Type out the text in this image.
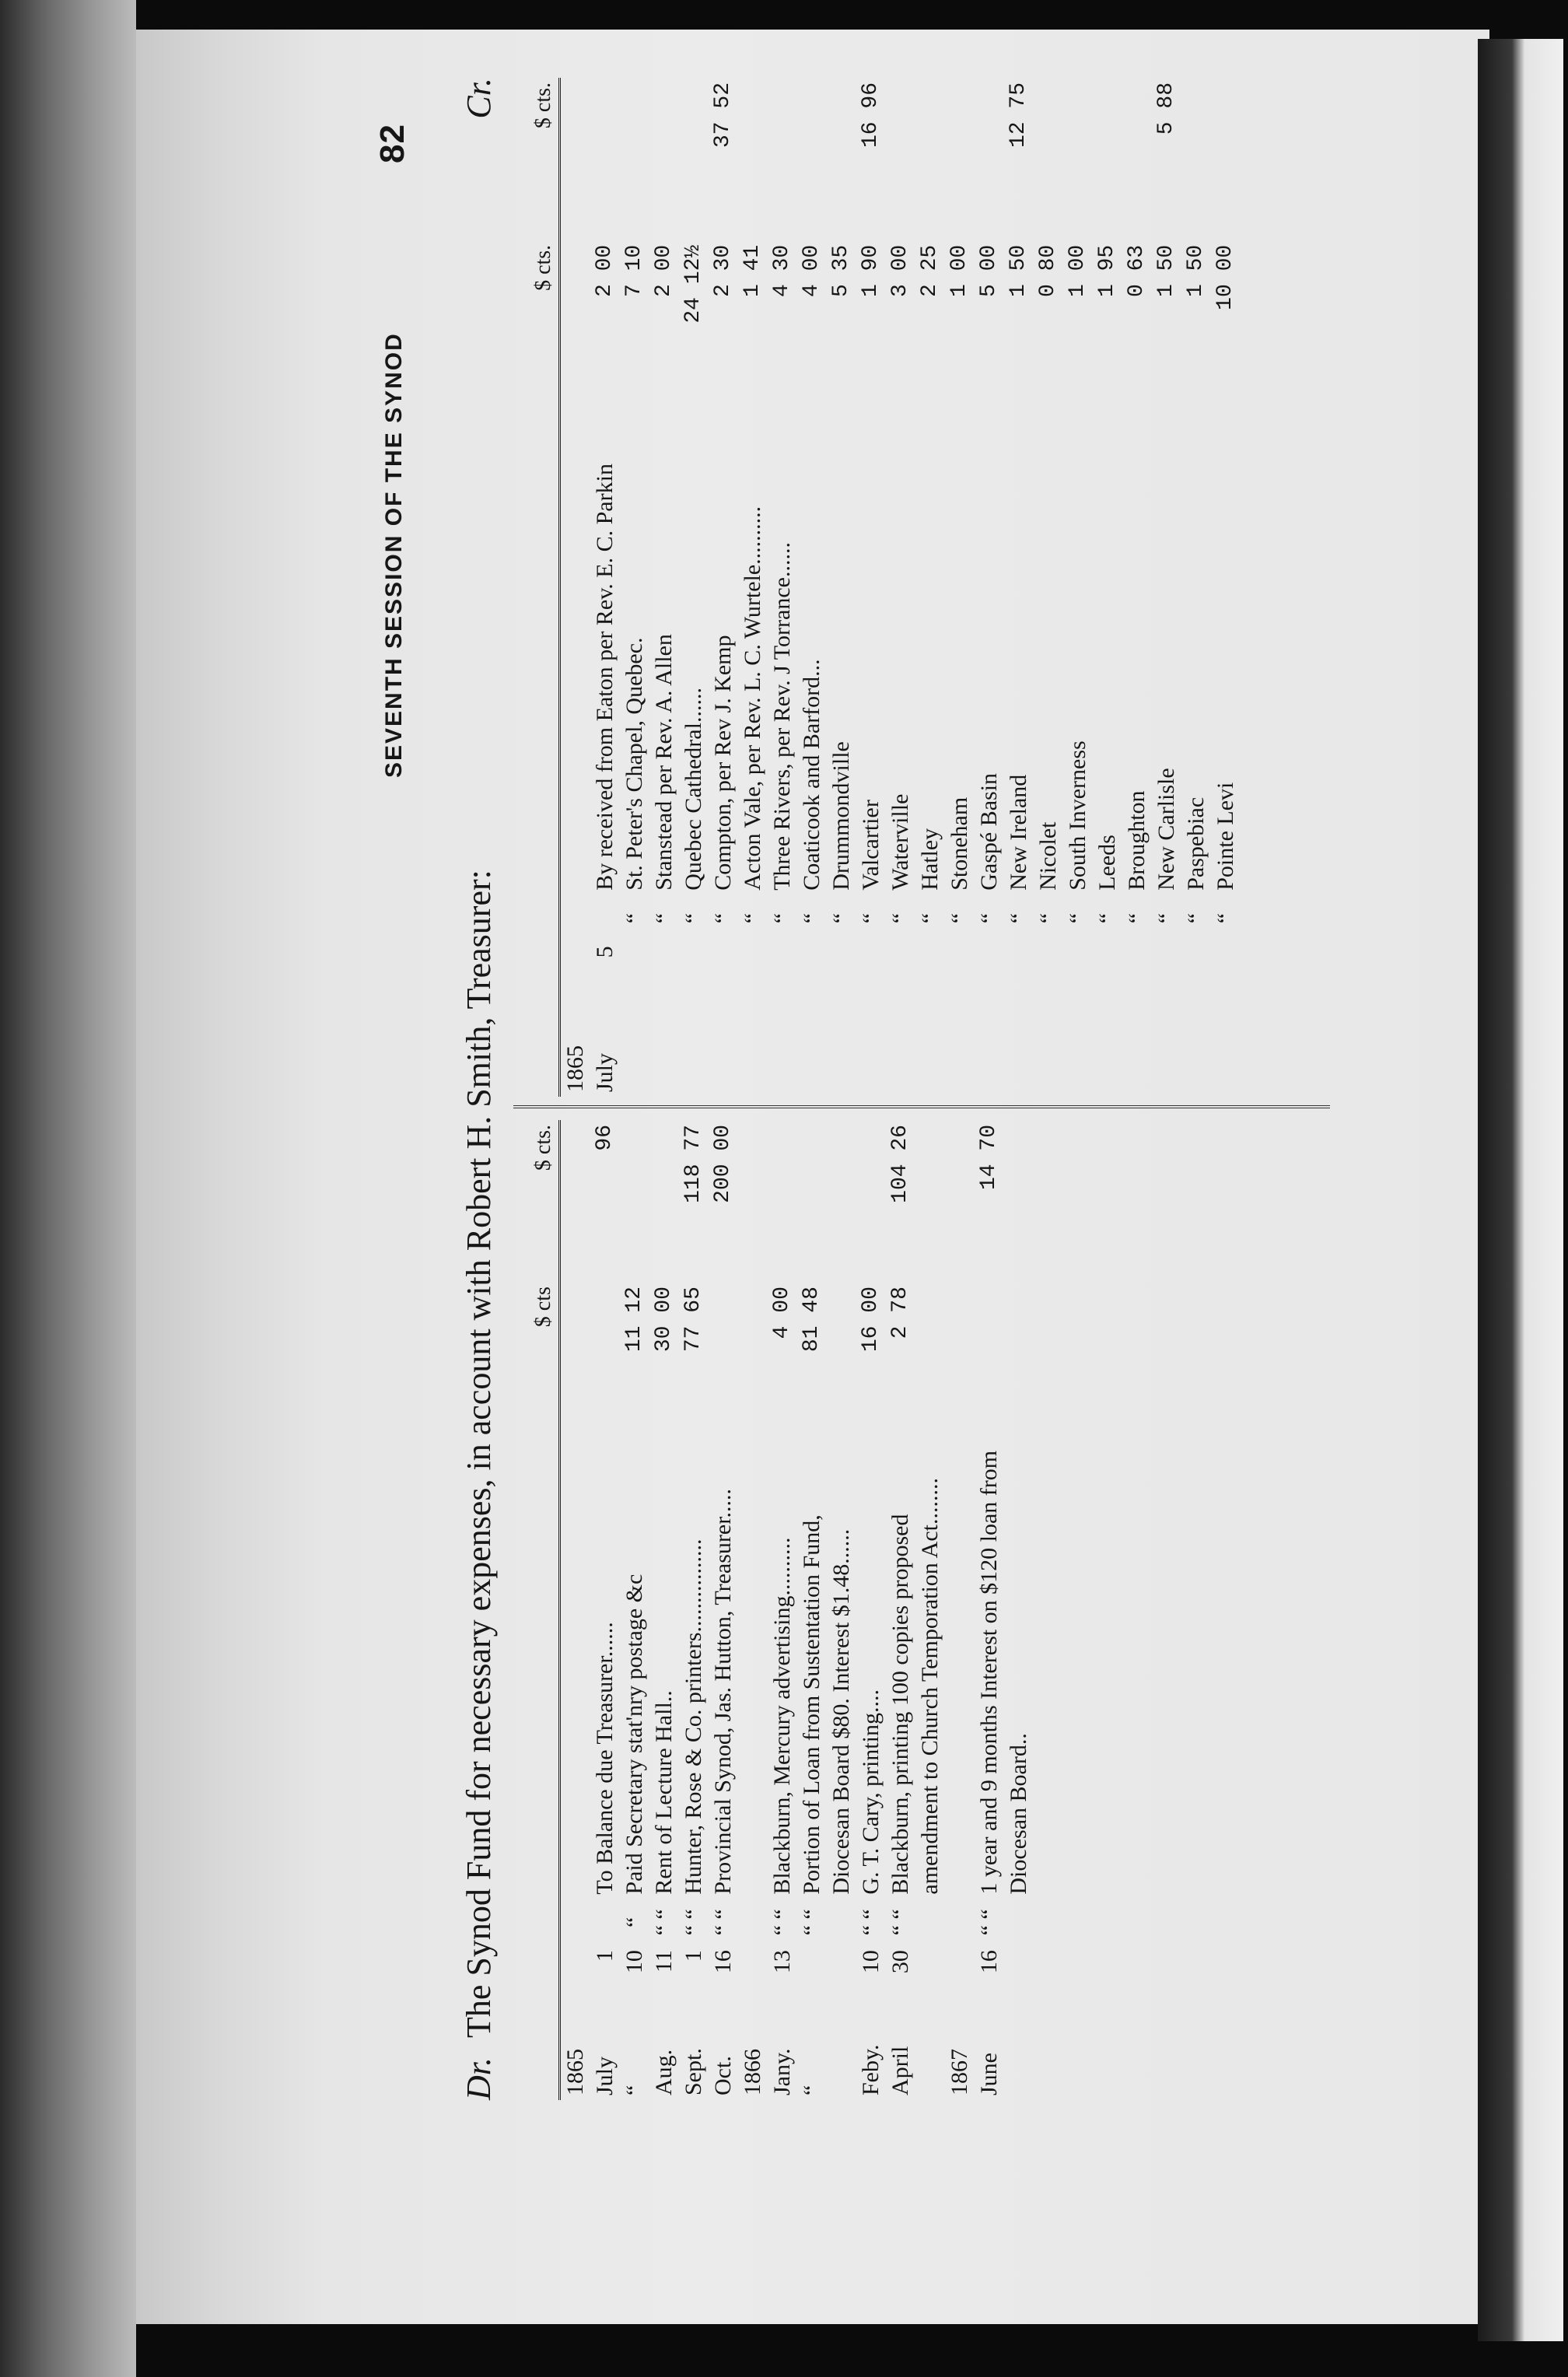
82
SEVENTH SESSION OF THE SYNOD
Dr.
The Synod Fund for necessary expenses, in account with Robert H. Smith, Treasurer:
Cr.
				$ cts	$ cts.
1865					
July	1		To Balance due Treasurer......		96
“	10	“	Paid Secretary stat'nry postage &c	11 12	
Aug.	11	“ “	Rent of Lecture Hall..	30 00	
Sept.	1	“ “	Hunter, Rose & Co. printers................	77 65	118 77
Oct.	16	“ “	Provincial Synod, Jas. Hutton, Treasurer.....		200 00
1866					
Jany.	13	“ “	Blackburn, Mercury advertising..........	4 00	
“		“ “	Portion of Loan from Sustentation Fund, Diocesan Board $80. Interest $1.48......	81 48	
Feby.	10	“ “	G. T. Cary, printing....	16 00	
April	30	“ “	Blackburn, printing 100 copies proposed amendment to Church Temporation Act........	2 78	104 26
1867					
June	16	“ “	1 year and 9 months Interest on $120 loan from Diocesan Board..		14 70
				$ cts.	$ cts.
1865					
July	5		By received from Eaton per Rev. E. C. Parkin	2 00	
		“	St. Peter's Chapel, Quebec.	7 10	
		“	Stanstead per Rev. A. Allen	2 00	
		“	Quebec Cathedral......	24 12½	
		“	Compton, per Rev J. Kemp	2 30	37 52
		“	Acton Vale, per Rev. L. C. Wurtele..........	1 41	
		“	Three Rivers, per Rev. J Torrance......	4 30	
		“	Coaticook and Barford...	4 00	
		“	Drummondville	5 35	
		“	Valcartier	1 90	16 96
		“	Waterville	3 00	
		“	Hatley	2 25	
		“	Stoneham	1 00	
		“	Gaspé Basin	5 00	
		“	New Ireland	1 50	12 75
		“	Nicolet	0 80	
		“	South Inverness	1 00	
		“	Leeds	1 95	
		“	Broughton	0 63	
		“	New Carlisle	1 50	5 88
		“	Paspebiac	1 50	
		“	Pointe Levi	10 00	
